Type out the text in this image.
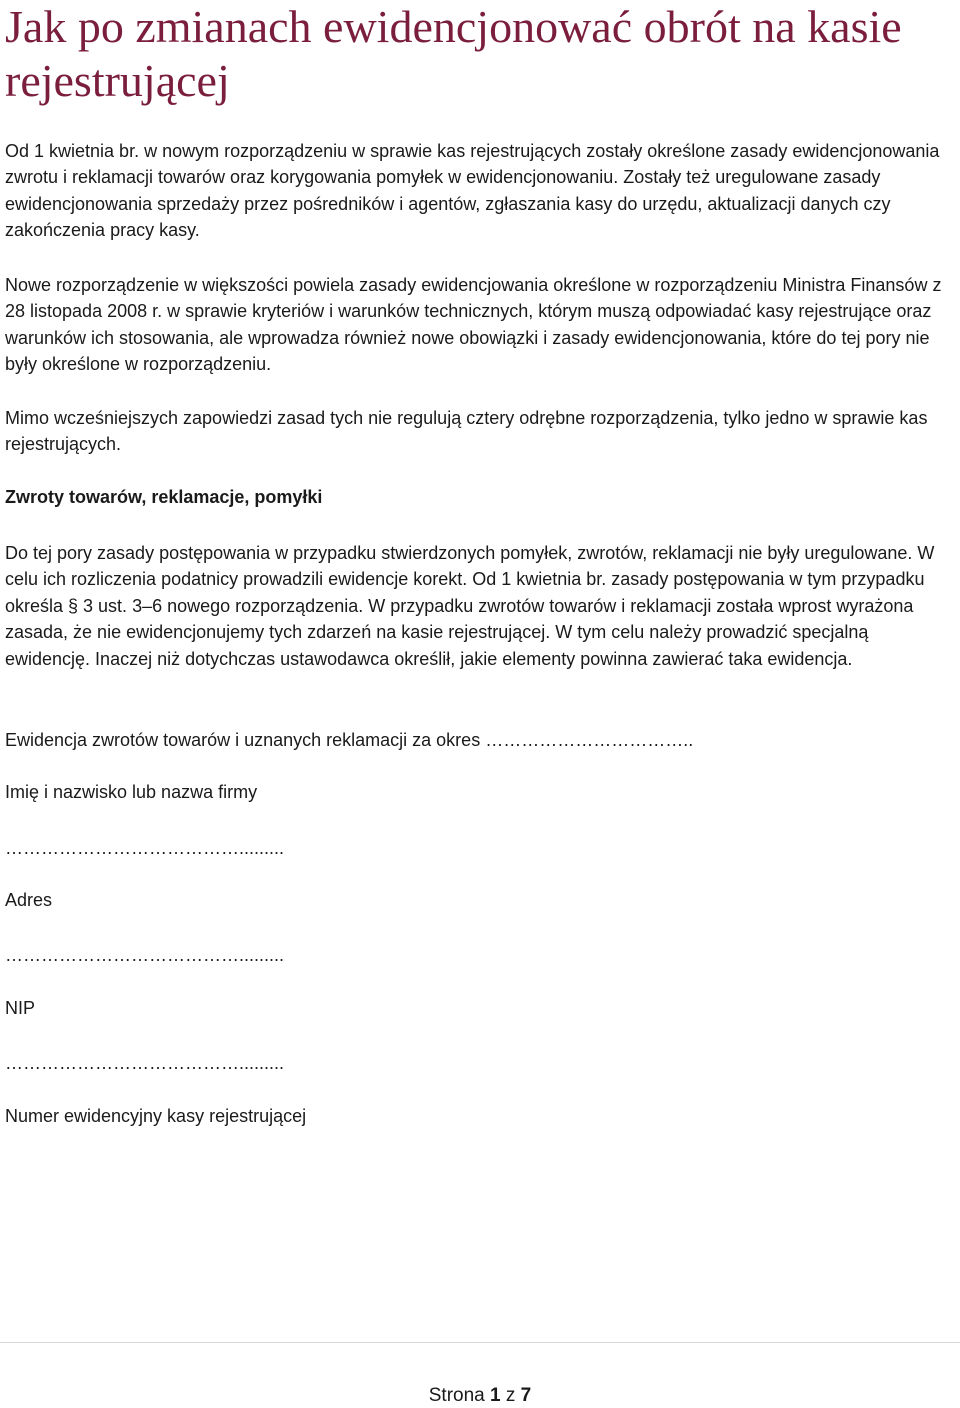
Jak po zmianach ewidencjonować obrót na kasie rejestrującej

Od 1 kwietnia br. w nowym rozporządzeniu w sprawie kas rejestrujących zostały określone zasady ewidencjonowania zwrotu i reklamacji towarów oraz korygowania pomyłek w ewidencjonowaniu. Zostały też uregulowane zasady ewidencjonowania sprzedaży przez pośredników i agentów, zgłaszania kasy do urzędu, aktualizacji danych czy zakończenia pracy kasy.

Nowe rozporządzenie w większości powiela zasady ewidencjowania określone w rozporządzeniu Ministra Finansów z 28 listopada 2008 r. w sprawie kryteriów i warunków technicznych, którym muszą odpowiadać kasy rejestrujące oraz warunków ich stosowania, ale wprowadza również nowe obowiązki i zasady ewidencjonowania, które do tej pory nie były określone w rozporządzeniu.

Mimo wcześniejszych zapowiedzi zasad tych nie regulują cztery odrębne rozporządzenia, tylko jedno w sprawie kas rejestrujących.

Zwroty towarów, reklamacje, pomyłki

Do tej pory zasady postępowania w przypadku stwierdzonych pomyłek, zwrotów, reklamacji nie były uregulowane. W celu ich rozliczenia podatnicy prowadzili ewidencje korekt. Od 1 kwietnia br. zasady postępowania w tym przypadku określa § 3 ust. 3–6 nowego rozporządzenia. W przypadku zwrotów towarów i reklamacji została wprost wyrażona zasada, że nie ewidencjonujemy tych zdarzeń na kasie rejestrującej. W tym celu należy prowadzić specjalną ewidencję. Inaczej niż dotychczas ustawodawca określił, jakie elementy powinna zawierać taka ewidencja.

Ewidencja zwrotów towarów i uznanych reklamacji za okres ……………………………..

Imię i nazwisko lub nazwa firmy

………………………………….........

Adres

………………………………….........

NIP

………………………………….........

Numer ewidencyjny kasy rejestrującej

Strona 1 z 7
